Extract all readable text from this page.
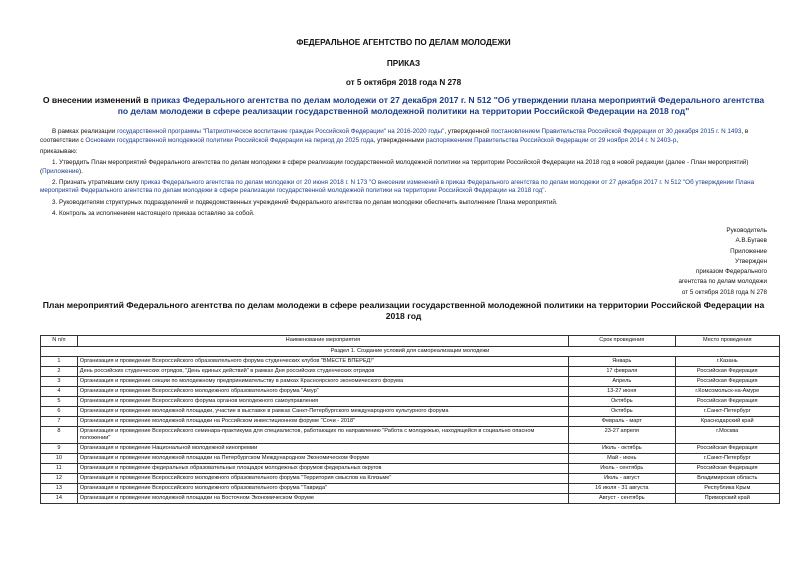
ФЕДЕРАЛЬНОЕ АГЕНТСТВО ПО ДЕЛАМ МОЛОДЕЖИ
ПРИКАЗ
от 5 октября 2018 года N 278
О внесении изменений в приказ Федерального агентства по делам молодежи от 27 декабря 2017 г. N 512 "Об утверждении плана мероприятий Федерального агентства по делам молодежи в сфере реализации государственной молодежной политики на территории Российской Федерации на 2018 год"

В рамках реализации государственной программы "Патриотическое воспитание граждан Российской Федерации" на 2016-2020 годы", утвержденной постановлением Правительства Российской Федерации от 30 декабря 2015 г. N 1493, в соответствии с Основами государственной молодежной политики Российской Федерации на период до 2025 года, утвержденными распоряжением Правительства Российской Федерации от 29 ноября 2014 г. N 2403-р,

приказываю:

1. Утвердить План мероприятий Федерального агентства по делам молодежи в сфере реализации государственной молодежной политики на территории Российской Федерации на 2018 год в новой редакции (далее - План мероприятий) (Приложение).

2. Признать утратившим силу приказ Федерального агентства по делам молодежи от 20 июня 2018 г. N 173 "О внесении изменений в приказ Федерального агентства по делам молодежи от 27 декабря 2017 г. N 512 "Об утверждении Плана мероприятий Федерального агентства по делам молодежи в сфере реализации государственной молодежной политики на территории Российской Федерации на 2018 год".

3. Руководителям структурных подразделений и подведомственных учреждений Федерального агентства по делам молодежи обеспечить выполнение Плана мероприятий.

4. Контроль за исполнением настоящего приказа оставляю за собой.

Руководитель
А.В.Бугаев
Приложение
Утвержден
приказом Федерального
агентства по делам молодежи
от 5 октября 2018 года N 278
План мероприятий Федерального агентства по делам молодежи в сфере реализации государственной молодежной политики на территории Российской Федерации на 2018 год
N п/п	Наименование мероприятия	Срок проведения	Место проведения
Раздел 1. Создание условий для самореализации молодежи			
1	Организация и проведение Всероссийского образовательного форума студенческих клубов "ВМЕСТЕ ВПЕРЕД!"	Январь	г.Казань
2	День российских студенческих отрядов, "День единых действий" в рамках Дня российских студенческих отрядов	17 февраля	Российская Федерация
3	Организация и проведение секции по молодежному предпринимательству в рамках Красноярского экономического форума	Апрель	Российская Федерация
4	Организация и проведение Всероссийского молодежного образовательного форума "Амур"	13-27 июня	г.Комсомольск-на-Амуре
5	Организация и проведение Всероссийского форума органов молодежного самоуправления	Октябрь	Российская Федерация
6	Организация и проведение молодежной площадки, участие в выставке в рамках Санкт-Петербургского международного культурного форума	Октябрь	г.Санкт-Петербург
7	Организация и проведение молодежной площадки на Российском инвестиционном форуме "Сочи - 2018"	Февраль - март	Краснодарский край
8	Организация и проведение Всероссийского семинара-практикума для специалистов, работающих по направлению "Работа с молодежью, находящейся в социально опасном положении"	23-27 апреля	г.Москва
9	Организация и проведение Национальной молодежной кинопремии	Июль - октябрь	Российская Федерация
10	Организация и проведение молодежной площадки на Петербургском Международном Экономическом Форуме	Май - июнь	г.Санкт-Петербург
11	Организация и проведение федеральных образовательных площадок молодежных форумов федеральных округов	Июль - сентябрь	Российская Федерация
12	Организация и проведение Всероссийского молодежного образовательного форума "Территория смыслов на Клязьме"	Июль - август	Владимирская область
13	Организация и проведение Всероссийского молодежного образовательного форума "Таврида"	16 июля - 31 августа	Республика Крым
14	Организация и проведение молодежной площадки на Восточном Экономическом Форуме	Август - сентябрь	Приморский край
